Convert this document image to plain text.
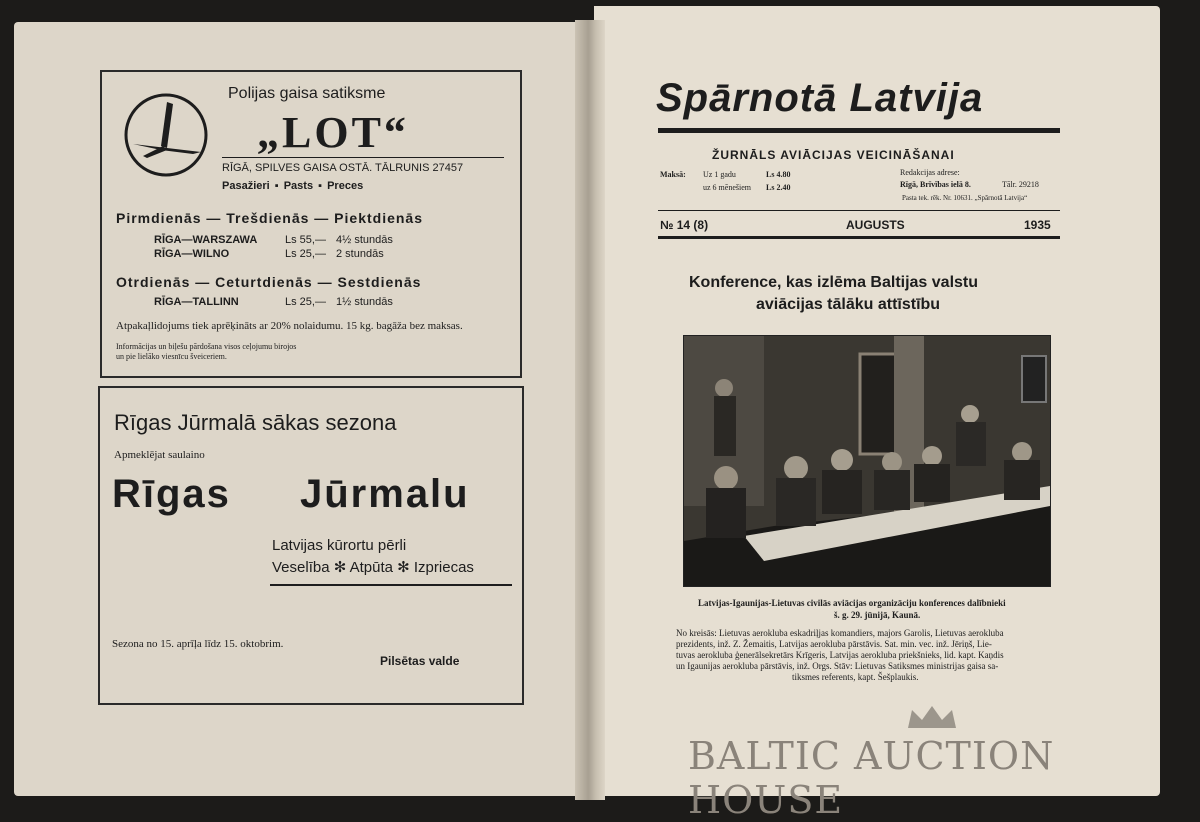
Polijas gaisa satiksme
„LOT“
RĪGĀ, SPILVES GAISA OSTĀ. TĀLRUNIS 27457
Pasažieri ▪ Pasts ▪ Preces
Pirmdienās — Trešdienās — Piektdienās
RĪGA—WARSZAWA	Ls 55,— 4½ stundās
RĪGA—WILNO	Ls 25,— 2 stundās
Otrdienās — Ceturtdienās — Sestdienās
RĪGA—TALLINN	Ls 25,— 1½ stundās
Atpakaļlidojums tiek aprēķināts ar 20% nolaidumu. 15 kg. bagāža bez maksas.
Informācijas un biļešu pārdošana visos ceļojumu birojos
un pie lielāko viesnīcu šveiceriem.
Rīgas Jūrmalā sākas sezona
Apmeklējat saulaino
Rīgas Jūrmalu
Latvijas kūrortu pērli
Veselība ✻ Atpūta ✻ Izpriecas
Sezona no 15. aprīļa līdz 15. oktobrim.
Pilsētas valde
Spārnotā Latvija
ŽURNĀLS AVIĀCIJAS VEICINĀŠANAI
Maksā: Uz 1 gadu	Ls 4.80
uz 6 mēnešiem Ls 2.40
Redakcijas adrese:
Rīgā, Brīvības ielā 8.	Tālr. 29218
Pasta tek. rēk. Nr. 10631. „Spārnotā Latvija“
№ 14 (8)	AUGUSTS	1935
Konference, kas izlēma Baltijas valstu
aviācijas tālāku attīstību
Latvijas-Igaunijas-Lietuvas civilās aviācijas organizāciju konferences dalībnieki
š. g. 29. jūnijā, Kaunā.
No kreisās: Lietuvas aerokluba eskadriļjas komandiers, majors Garolis, Lietuvas aerokluba
prezidents, inž. Z. Žemaitis, Latvijas aerokluba pārstāvis. Sat. min. vec. inž. Jēriņš, Lie-
tuvas aerokluba ģenerālsekretārs Krīgeris, Latvijas aerokluba priekšnieks, lid. kapt. Kaņdis
un Igaunijas aerokluba pārstāvis, inž. Orgs. Stāv: Lietuvas Satiksmes ministrijas gaisa sa-
tiksmes referents, kapt. Šešplaukis.
BALTIC AUCTION HOUSE
